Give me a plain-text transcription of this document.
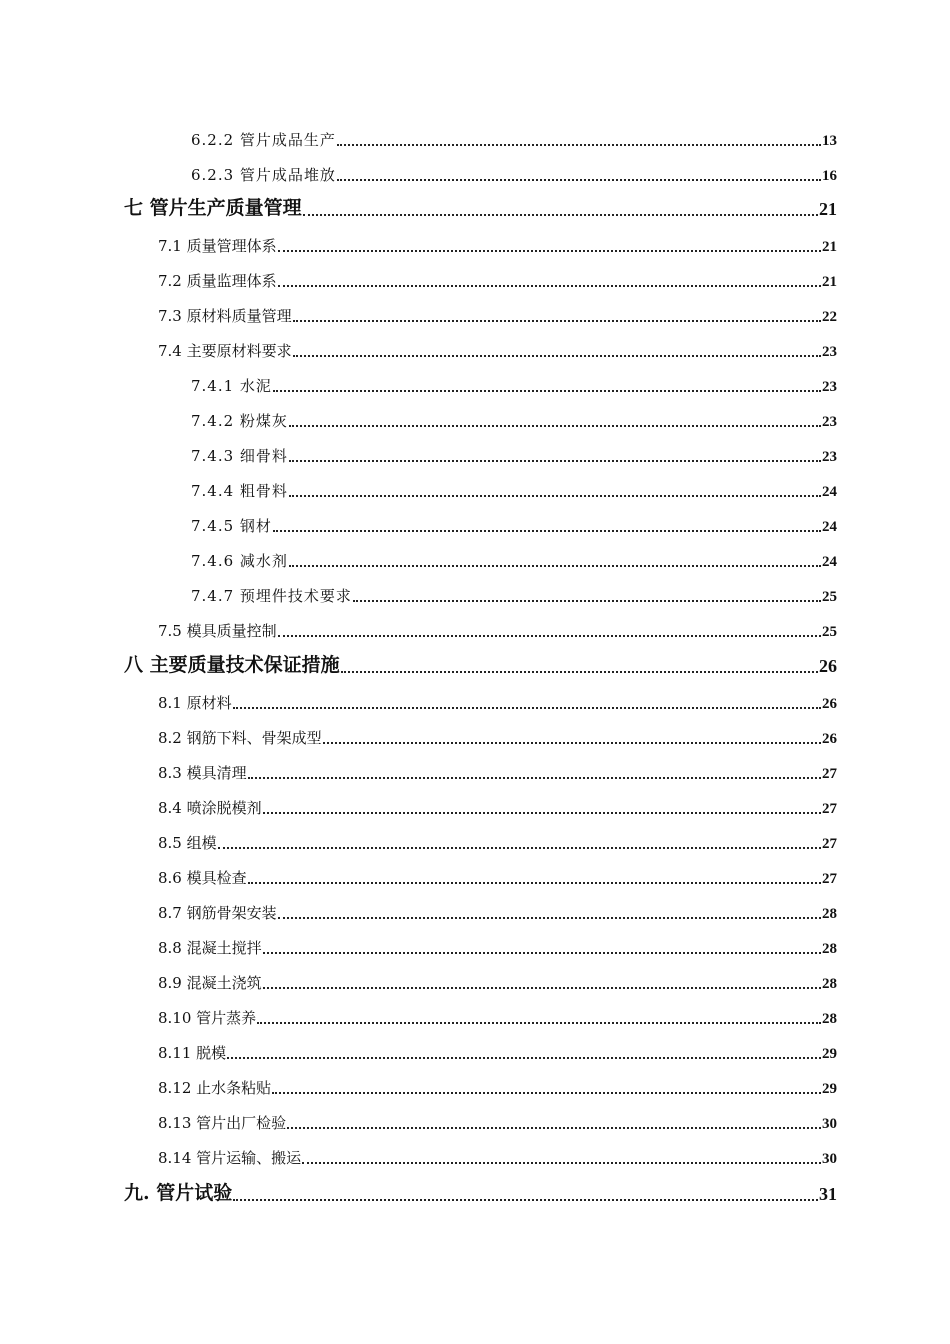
6.2.2 管片成品生产	13
6.2.3 管片成品堆放	16
七 管片生产质量管理	21
7.1 质量管理体系	21
7.2 质量监理体系	21
7.3 原材料质量管理	22
7.4 主要原材料要求	23
7.4.1 水泥	23
7.4.2 粉煤灰	23
7.4.3 细骨料	23
7.4.4 粗骨料	24
7.4.5 钢材	24
7.4.6 减水剂	24
7.4.7 预埋件技术要求	25
7.5 模具质量控制	25
八 主要质量技术保证措施	26
8.1 原材料	26
8.2 钢筋下料、骨架成型	26
8.3 模具清理	27
8.4 喷涂脱模剂	27
8.5 组模	27
8.6 模具检查	27
8.7 钢筋骨架安装	28
8.8 混凝土搅拌	28
8.9 混凝土浇筑	28
8.10 管片蒸养	28
8.11 脱模	29
8.12 止水条粘贴	29
8.13 管片出厂检验	30
8.14 管片运输、搬运	30
九. 管片试验	31
